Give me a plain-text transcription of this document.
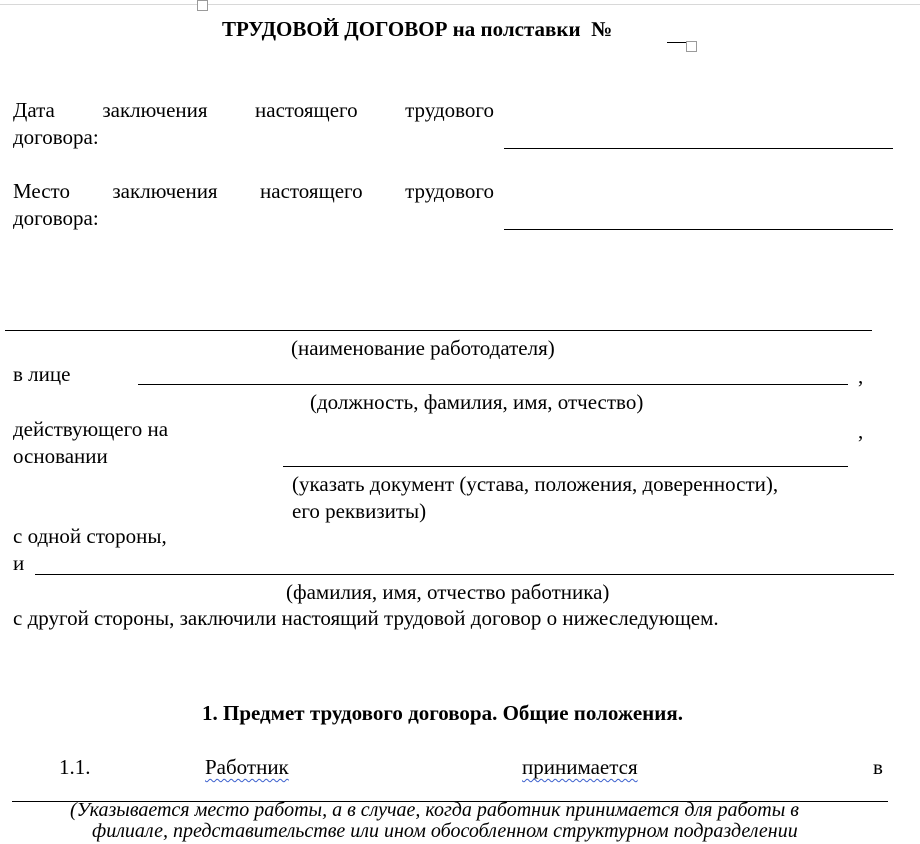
ТРУДОВОЙ ДОГОВОР на полставки №
Дата заключения настоящего трудового
договора:
Место заключения настоящего трудового
договора:
(наименование работодателя)
в лице	,
(должность, фамилия, имя, отчество)
действующего на
основании
,
(указать документ (устава, положения, доверенности),
его реквизиты)
с одной стороны,
и
(фамилия, имя, отчество работника)
с другой стороны, заключили настоящий трудовой договор о нижеследующем.
1. Предмет трудового договора. Общие положения.
1.1.	Работник	принимается	в
(Указывается место работы, а в случае, когда работник принимается для работы в
филиале, представительстве или ином обособленном структурном подразделении
